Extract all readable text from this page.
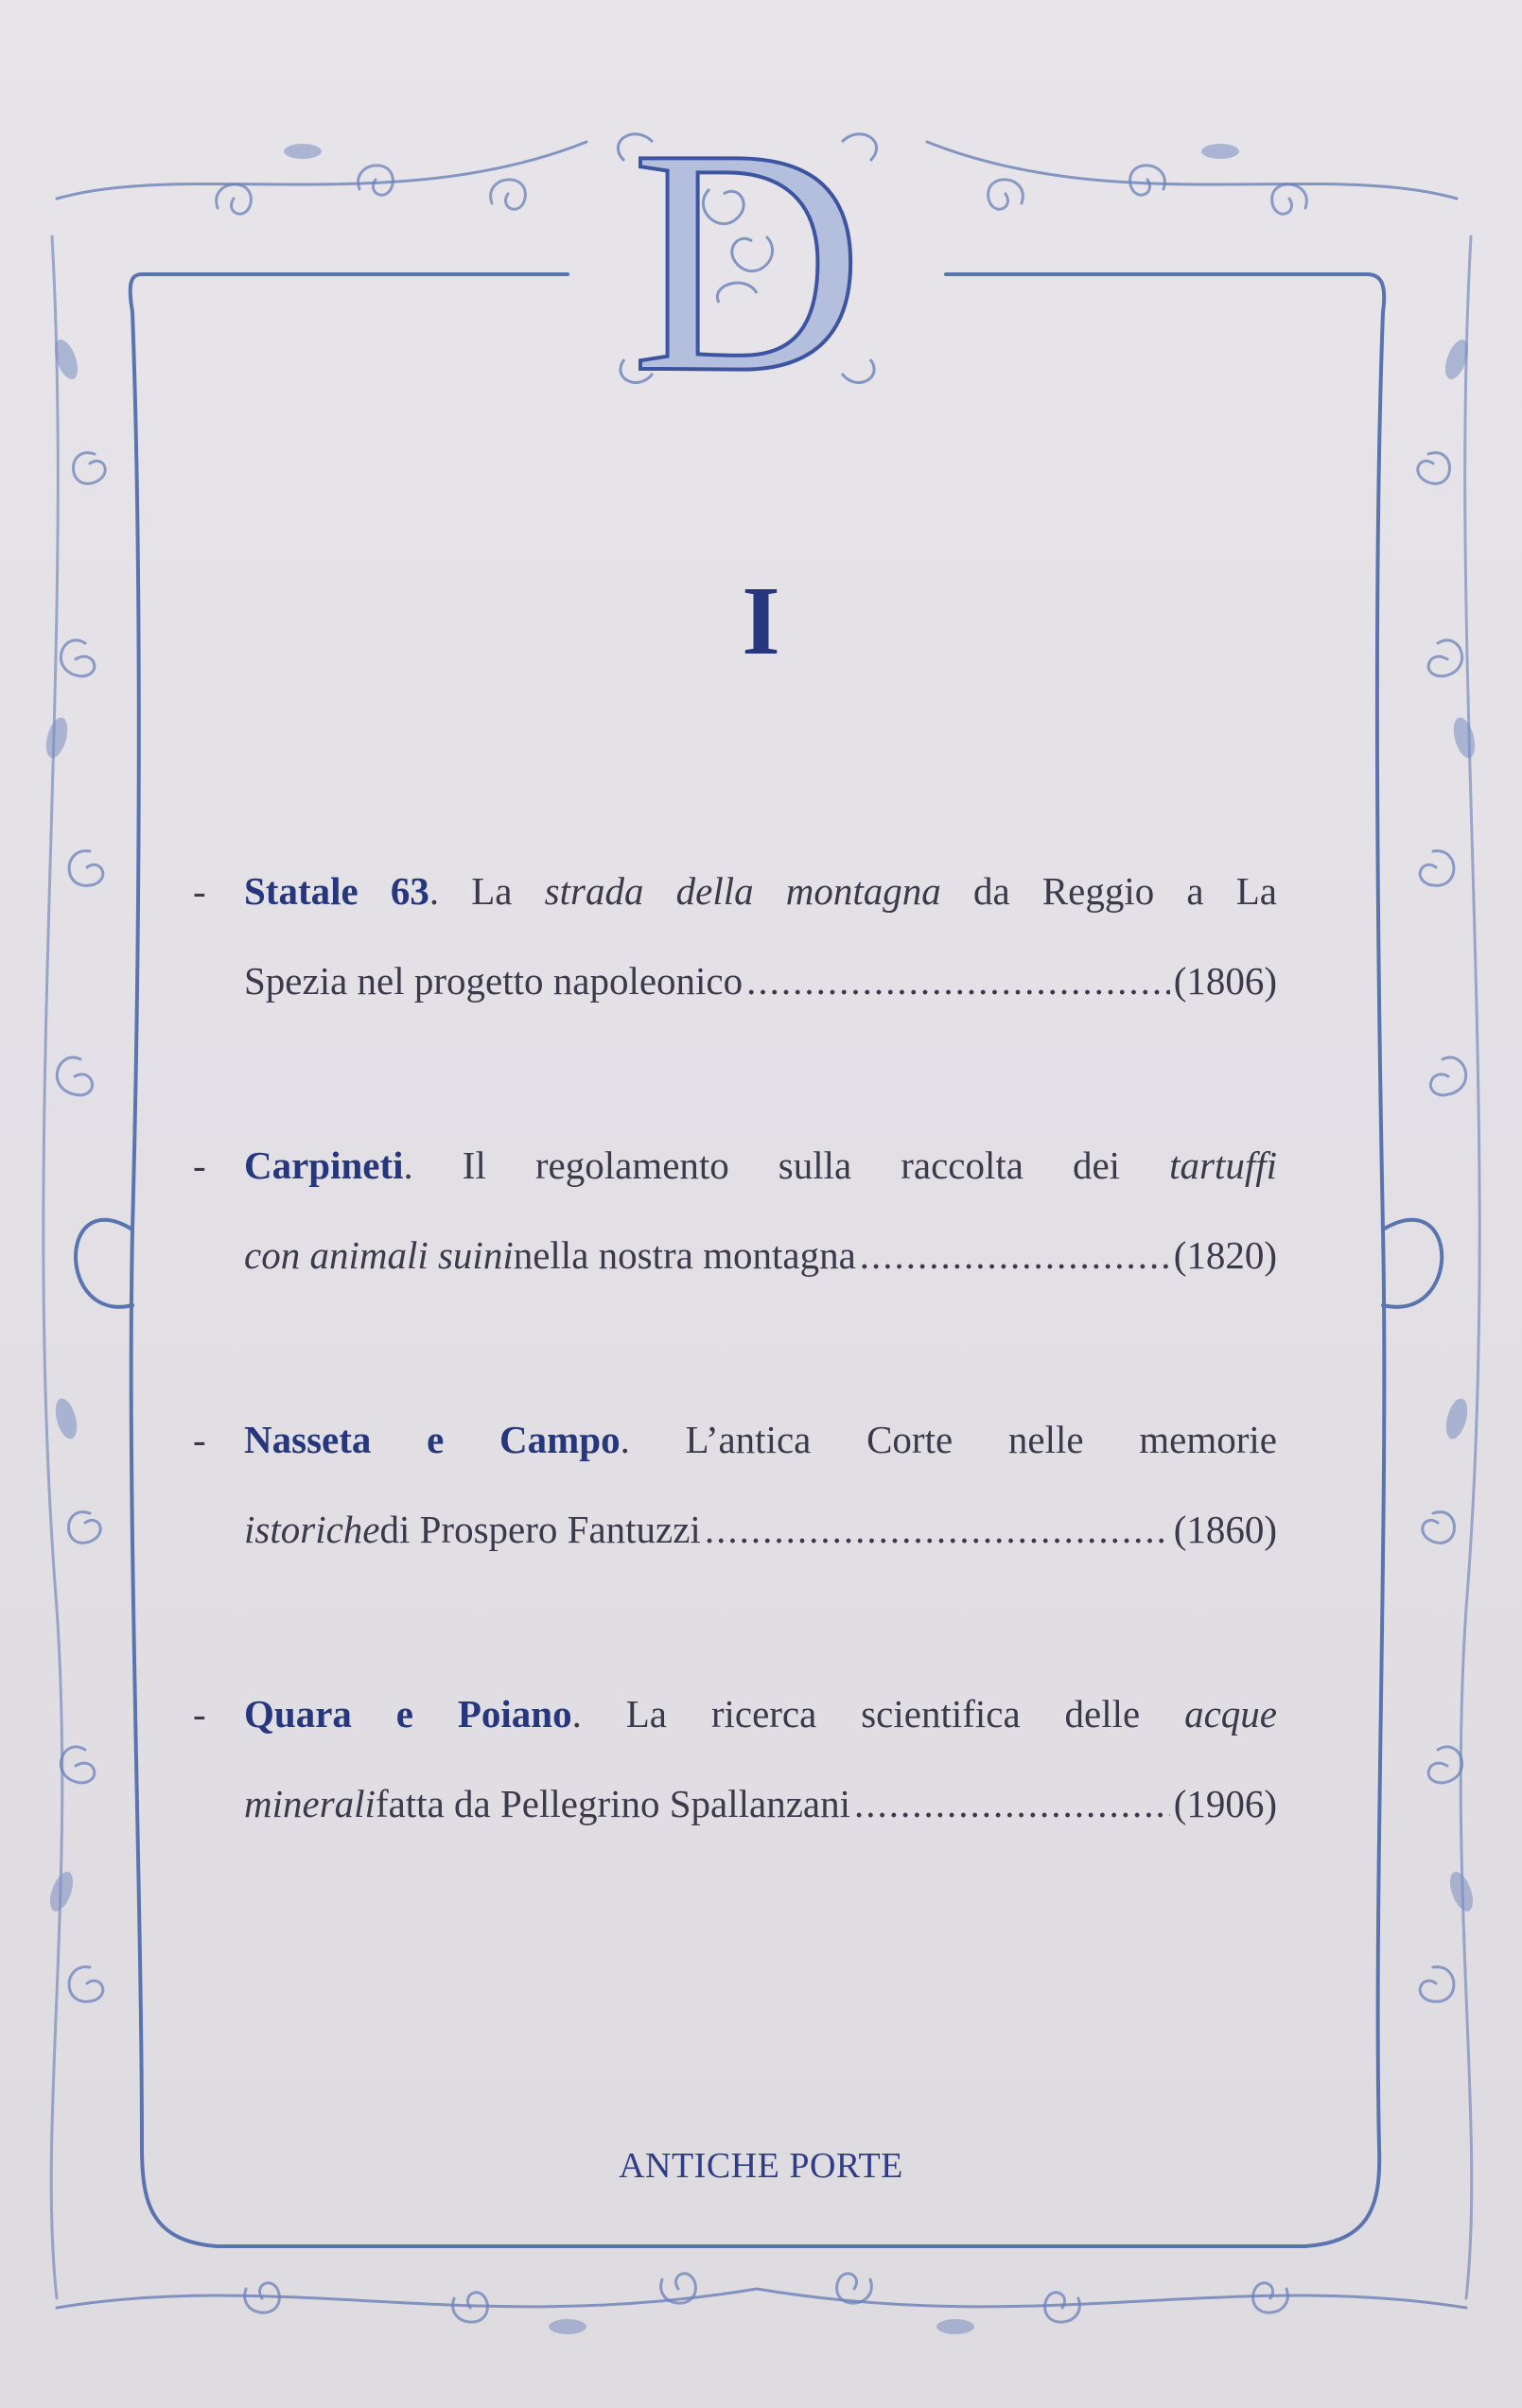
D
I
- Statale 63. La strada della montagna da Reggio a La
Spezia nel progetto napoleonico .....	(1806)
- Carpineti. Il regolamento sulla raccolta dei tartuffi
con animali suini nella nostra montagna .....	(1820)
- Nasseta e Campo. L’antica Corte nelle memorie
istoriche di Prospero Fantuzzi .....	(1860)
- Quara e Poiano. La ricerca scientifica delle acque
minerali fatta da Pellegrino Spallanzani .....	(1906)
ANTICHE PORTE
